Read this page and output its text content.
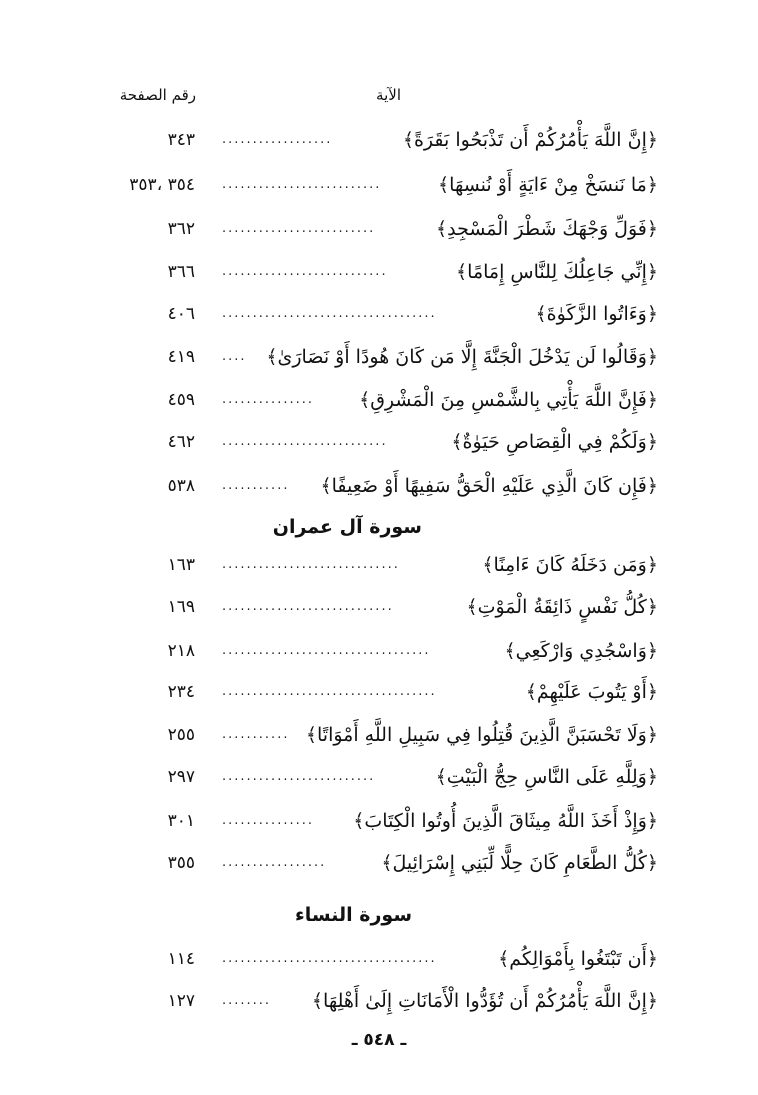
الآية
رقم الصفحة
٣٤٣ ..................	﴿إِنَّ اللَّهَ يَأْمُرُكُمْ أَن تَذْبَحُوا بَقَرَةً﴾
٣٥٤ ،٣٥٣ ..........................	﴿مَا نَنسَخْ مِنْ ءَايَةٍ أَوْ نُنسِهَا﴾
٣٦٢ .........................	﴿فَوَلِّ وَجْهَكَ شَطْرَ الْمَسْجِدِ﴾
٣٦٦ ...........................	﴿إِنِّي جَاعِلُكَ لِلنَّاسِ إِمَامًا﴾
٤٠٦ ...................................	﴿وَءَاتُوا الزَّكَوٰةَ﴾
٤١٩ .... ﴿وَقَالُوا لَن يَدْخُلَ الْجَنَّةَ إِلَّا مَن كَانَ هُودًا أَوْ نَصَارَىٰ﴾
٤٥٩ ............... ﴿فَإِنَّ اللَّهَ يَأْتِي بِالشَّمْسِ مِنَ الْمَشْرِقِ﴾
٤٦٢ ...........................	﴿وَلَكُمْ فِي الْقِصَاصِ حَيَوٰةٌ﴾
٥٣٨ ........... ﴿فَإِن كَانَ الَّذِي عَلَيْهِ الْحَقُّ سَفِيهًا أَوْ ضَعِيفًا﴾
سورة آل عمران
١٦٣ .............................	﴿وَمَن دَخَلَهُ كَانَ ءَامِنًا﴾
١٦٩ ............................	﴿كُلُّ نَفْسٍ ذَائِقَةُ الْمَوْتِ﴾
٢١٨ ..................................	﴿وَاسْجُدِي وَارْكَعِي﴾
٢٣٤ ...................................	﴿أَوْ يَتُوبَ عَلَيْهِمْ﴾
٢٥٥ ........... ﴿وَلَا تَحْسَبَنَّ الَّذِينَ قُتِلُوا فِي سَبِيلِ اللَّهِ أَمْوَاتًا﴾
٢٩٧ .........................	﴿وَلِلَّهِ عَلَى النَّاسِ حِجُّ الْبَيْتِ﴾
٣٠١ ............... ﴿وَإِذْ أَخَذَ اللَّهُ مِيثَاقَ الَّذِينَ أُوتُوا الْكِتَابَ﴾
٣٥٥ .................	﴿كُلُّ الطَّعَامِ كَانَ حِلًّا لِّبَنِي إِسْرَائِيلَ﴾
سورة النساء
١١٤ ...................................	﴿أَن تَبْتَغُوا بِأَمْوَالِكُم﴾
١٢٧ ........ ﴿إِنَّ اللَّهَ يَأْمُرُكُمْ أَن تُؤَدُّوا الْأَمَانَاتِ إِلَىٰ أَهْلِهَا﴾
ـ ٥٤٨ ـ
